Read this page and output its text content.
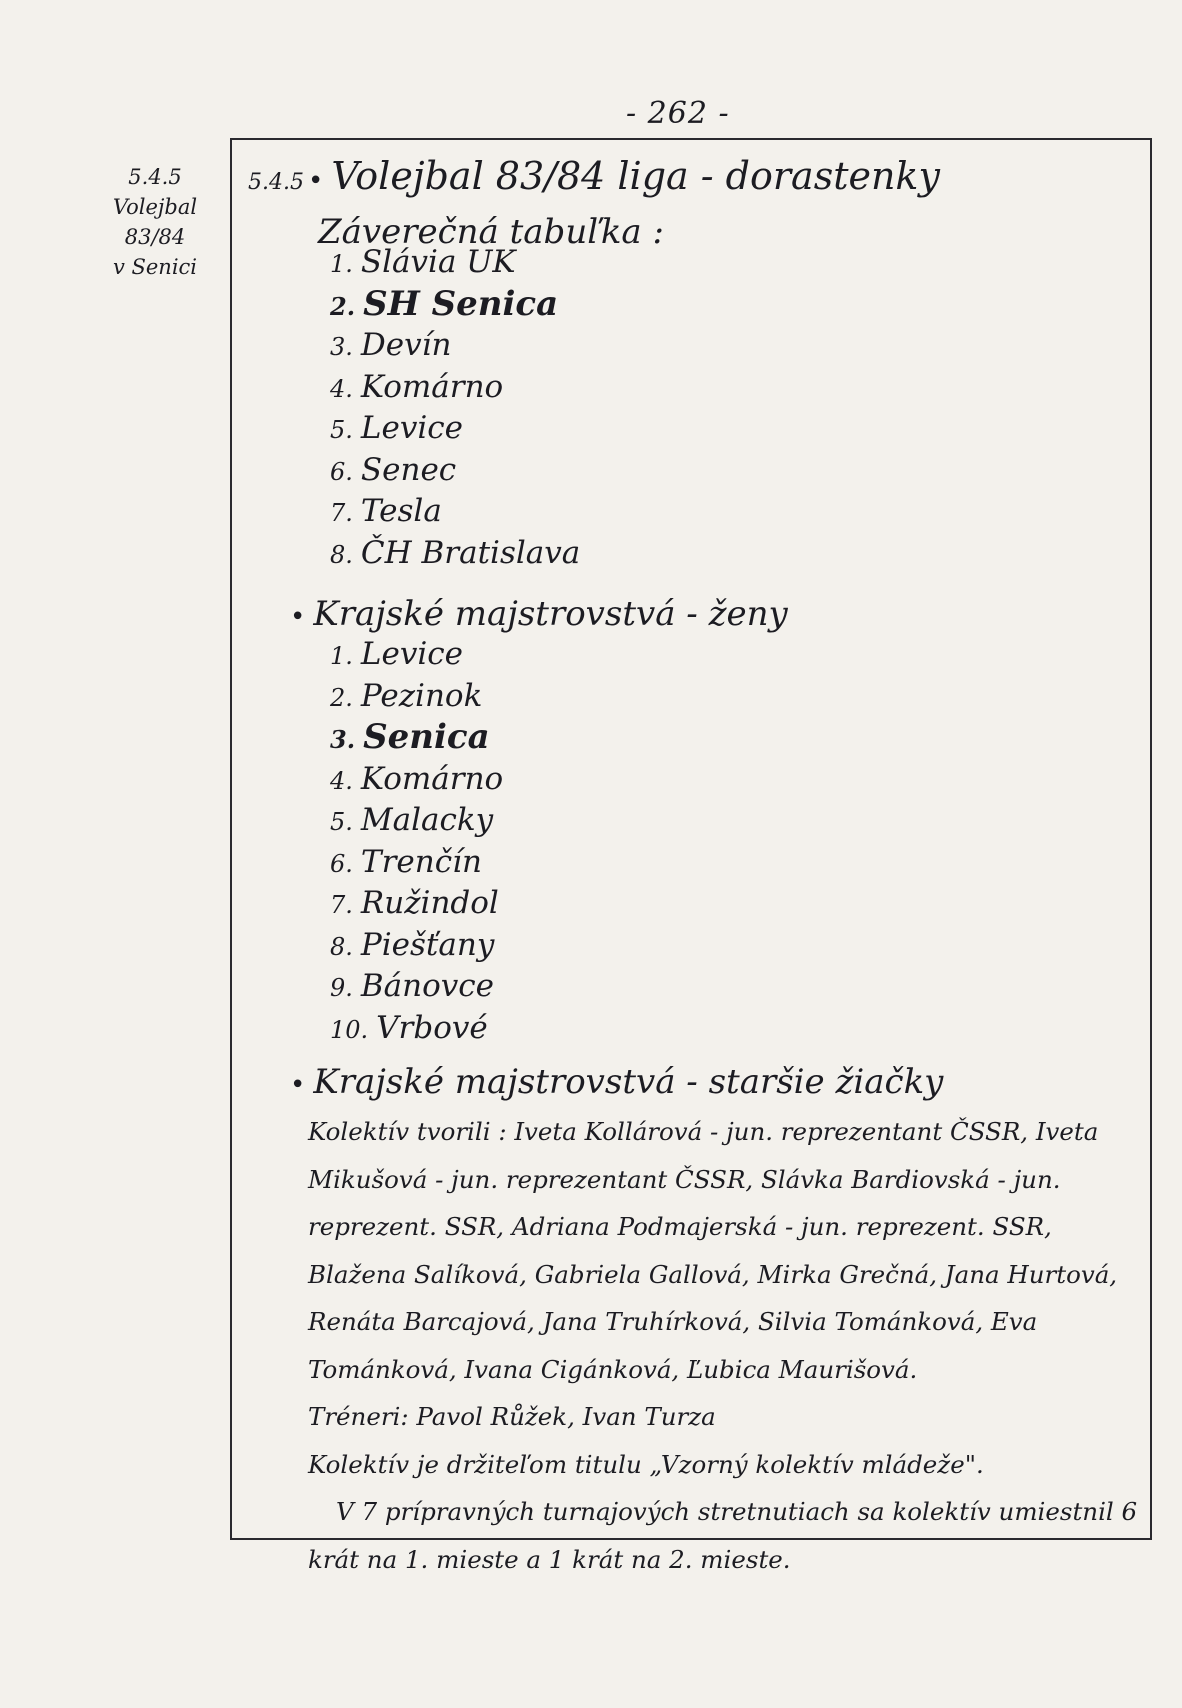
- 262 -
5.4.5
Volejbal
83/84
v Senici
5.4.5 • Volejbal 83/84 liga - dorastenky
Záverečná tabuľka :
1. Slávia UK
2. SH Senica
3. Devín
4. Komárno
5. Levice
6. Senec
7. Tesla
8. ČH Bratislava
• Krajské majstrovstvá - ženy
1. Levice
2. Pezinok
3. Senica
4. Komárno
5. Malacky
6. Trenčín
7. Ružindol
8. Piešťany
9. Bánovce
10. Vrbové
• Krajské majstrovstvá - staršie žiačky

Kolektív tvorili : Iveta Kollárová - jun. reprezentant ČSSR, Iveta Mikušová - jun. reprezentant ČSSR, Slávka Bardiovská - jun. reprezent. SSR, Adriana Podmajerská - jun. reprezent. SSR, Blažena Salíková, Gabriela Gallová, Mirka Grečná, Jana Hurtová, Renáta Barcajová, Jana Truhírková, Silvia Tománková, Eva Tománková, Ivana Cigánková, Ľubica Maurišová.

Tréneri: Pavol Růžek, Ivan Turza

Kolektív je držiteľom titulu „Vzorný kolektív mládeže".

V 7 prípravných turnajových stretnutiach sa kolektív umiestnil 6 krát na 1. mieste a 1 krát na 2. mieste.
